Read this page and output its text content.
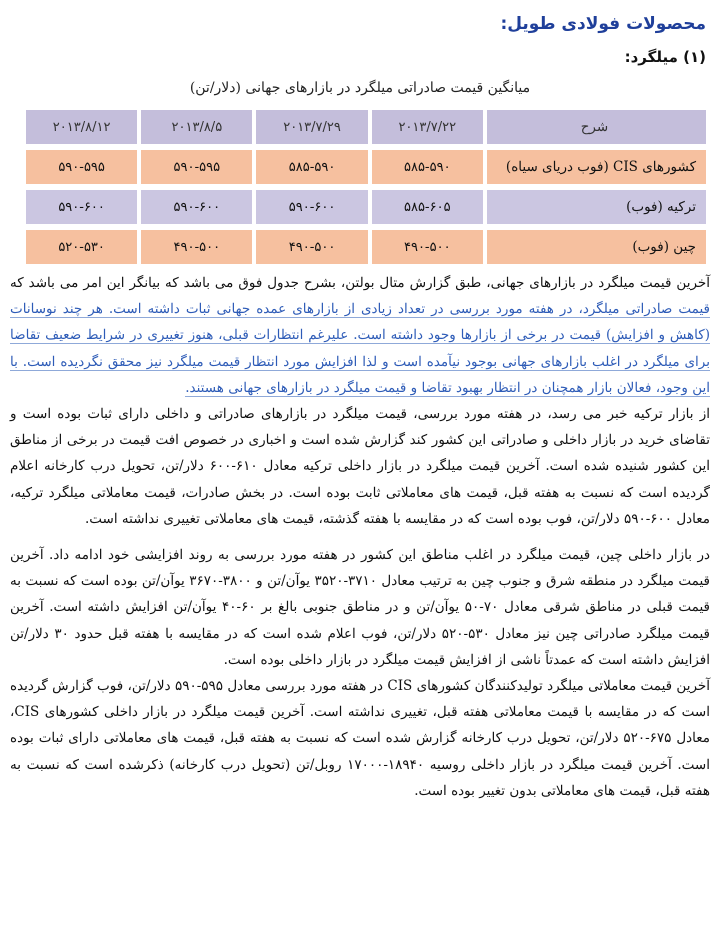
محصولات فولادی طویل:
(۱) میلگرد:
میانگین قیمت صادراتی میلگرد در بازارهای جهانی (دلار/تن)
شرح	۲۰۱۳/۷/۲۲	۲۰۱۳/۷/۲۹	۲۰۱۳/۸/۵	۲۰۱۳/۸/۱۲
کشورهای CIS (فوب دریای سیاه)	۵۸۵-۵۹۰	۵۸۵-۵۹۰	۵۹۰-۵۹۵	۵۹۰-۵۹۵
ترکیه (فوب)	۵۸۵-۶۰۵	۵۹۰-۶۰۰	۵۹۰-۶۰۰	۵۹۰-۶۰۰
چین (فوب)	۴۹۰-۵۰۰	۴۹۰-۵۰۰	۴۹۰-۵۰۰	۵۲۰-۵۳۰

آخرین قیمت میلگرد در بازارهای جهانی، طبق گزارش متال بولتن، بشرح جدول فوق می باشد که بیانگر این امر می باشد که قیمت صادراتی میلگرد، در هفته مورد بررسی در تعداد زیادی از بازارهای عمده جهانی ثبات داشته است. هر چند نوسانات (کاهش و افزایش) قیمت در برخی از بازارها وجود داشته است. علیرغم انتظارات قبلی، هنوز تغییری در شرایط ضعیف تقاضا برای میلگرد در اغلب بازارهای جهانی بوجود نیآمده است و لذا افزایش مورد انتظار قیمت میلگرد نیز محقق نگردیده است. با این وجود، فعالان بازار همچنان در انتظار بهبود تقاضا و قیمت میلگرد در بازارهای جهانی هستند.

از بازار ترکیه خبر می رسد، در هفته مورد بررسی، قیمت میلگرد در بازارهای صادراتی و داخلی دارای ثبات بوده است و تقاضای خرید در بازار داخلی و صادراتی این کشور کند گزارش شده است و اخباری در خصوص افت قیمت در برخی از مناطق این کشور شنیده شده است. آخرین قیمت میلگرد در بازار داخلی ترکیه معادل ۶۱۰-۶۰۰ دلار/تن، تحویل درب کارخانه اعلام گردیده است که نسبت به هفته قبل، قیمت های معاملاتی ثابت بوده است. در بخش صادرات، قیمت معاملاتی میلگرد ترکیه، معادل ۶۰۰-۵۹۰ دلار/تن، فوب بوده است که در مقایسه با هفته گذشته، قیمت های معاملاتی تغییری نداشته است.

در بازار داخلی چین، قیمت میلگرد در اغلب مناطق این کشور در هفته مورد بررسی به روند افزایشی خود ادامه داد. آخرین قیمت میلگرد در منطقه شرق و جنوب چین به ترتیب معادل ۳۷۱۰-۳۵۲۰ یوآن/تن و ۳۸۰۰-۳۶۷۰ یوآن/تن بوده است که نسبت به قیمت قبلی در مناطق شرقی معادل ۷۰-۵۰ یوآن/تن و در مناطق جنوبی بالغ بر ۶۰-۴۰ یوآن/تن افزایش داشته است. آخرین قیمت میلگرد صادراتی چین نیز معادل ۵۳۰-۵۲۰ دلار/تن، فوب اعلام شده است که در مقایسه با هفته قبل حدود ۳۰ دلار/تن افزایش داشته است که عمدتاً ناشی از افزایش قیمت میلگرد در بازار داخلی بوده است.

آخرین قیمت معاملاتی میلگرد تولیدکنندگان کشورهای CIS در هفته مورد بررسی معادل ۵۹۵-۵۹۰ دلار/تن، فوب گزارش گردیده است که در مقایسه با قیمت معاملاتی هفته قبل، تغییری نداشته است. آخرین قیمت میلگرد در بازار داخلی کشورهای CIS، معادل ۶۷۵-۵۲۰ دلار/تن، تحویل درب کارخانه گزارش شده است که نسبت به هفته قبل، قیمت های معاملاتی دارای ثبات بوده است. آخرین قیمت میلگرد در بازار داخلی روسیه ۱۸۹۴۰-۱۷۰۰۰ روبل/تن (تحویل درب کارخانه) ذکرشده است که نسبت به هفته قبل، قیمت های معاملاتی بدون تغییر بوده است.
